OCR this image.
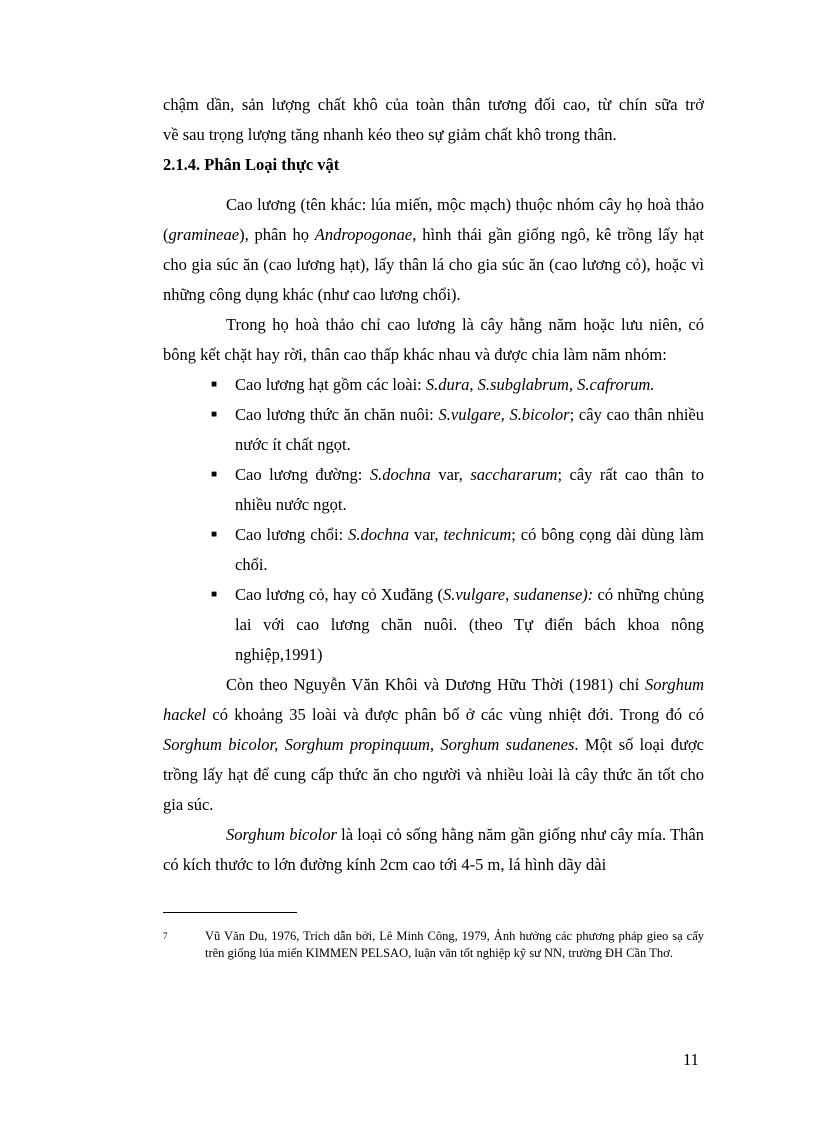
chậm dần, sản lượng chất khô của toàn thân tương đối cao, từ chín sữa trở

về sau trọng lượng tăng nhanh kéo theo sự giảm chất khô trong thân.

2.1.4. Phân Loại thực vật

Cao lương (tên khác: lúa miến, mộc mạch) thuộc nhóm cây họ hoà thảo (gramineae), phân họ Andropogonae, hình thái gần giống ngô, kê trồng lấy hạt cho gia súc ăn (cao lương hạt), lấy thân lá cho gia súc ăn (cao lương cỏ), hoặc vì những công dụng khác (như cao lương chổi).

Trong họ hoà thảo chỉ cao lương là cây hằng năm hoặc lưu niên, có bông kết chặt hay rời, thân cao thấp khác nhau và được chia làm năm nhóm:

■ Cao lương hạt gồm các loài: S.dura, S.subglabrum, S.cafrorum.
■ Cao lương thức ăn chăn nuôi: S.vulgare, S.bicolor; cây cao thân nhiều nước ít chất ngọt.
■ Cao lương đường: S.dochna var, sacchararum; cây rất cao thân to nhiều nước ngọt.
■ Cao lương chổi: S.dochna var, technicum; có bông cọng dài dùng làm chổi.
■ Cao lương cỏ, hay cỏ Xuđăng (S.vulgare, sudanense): có những chủng lai với cao lương chăn nuôi. (theo Tự điển bách khoa nông nghiệp,1991)

Còn theo Nguyễn Văn Khôi và Dương Hữu Thời (1981) chỉ Sorghum hackel có khoảng 35 loài và được phân bố ở các vùng nhiệt đới. Trong đó có Sorghum bicolor, Sorghum propinquum, Sorghum sudanenes. Một số loại được trồng lấy hạt để cung cấp thức ăn cho người và nhiều loài là cây thức ăn tốt cho gia súc.

Sorghum bicolor là loại cỏ sống hằng năm gần giống như cây mía. Thân có kích thước to lớn đường kính 2cm cao tới 4-5 m, lá hình dãy dài

7	Vũ Văn Du, 1976, Trích dẫn bởi, Lê Minh Công, 1979, Ảnh hưởng các phương pháp gieo sạ cấy trên giống lúa miến KIMMEN PELSAO, luận văn tốt nghiệp kỹ sư NN, trường ĐH Cần Thơ.

11
